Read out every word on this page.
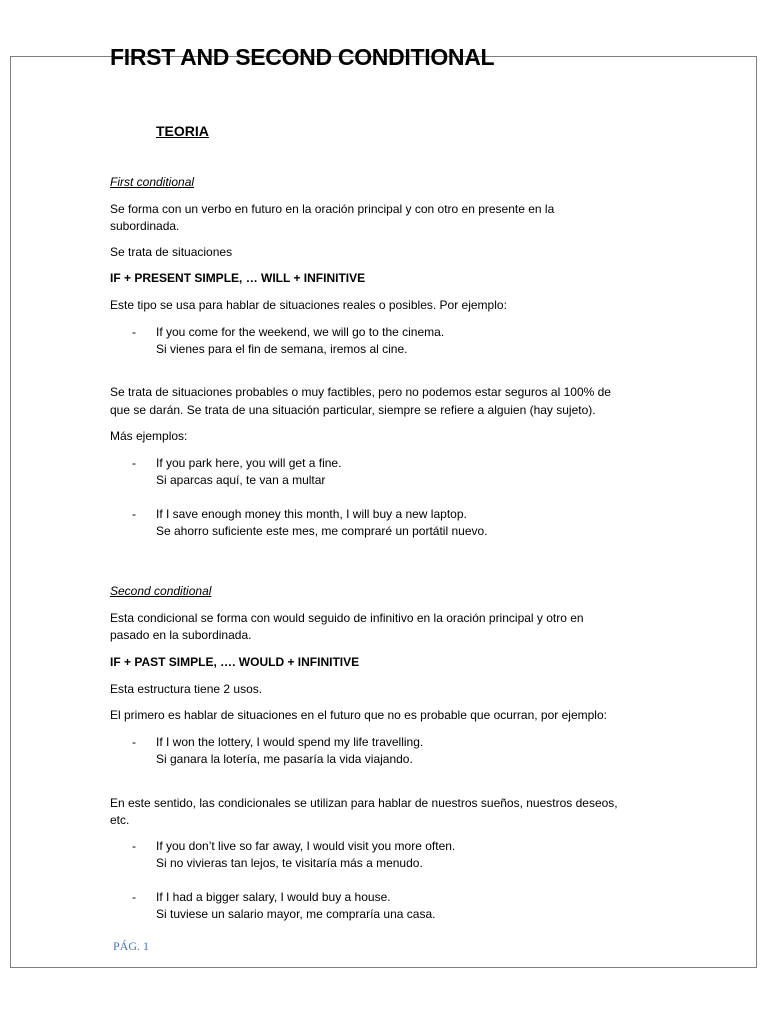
FIRST AND SECOND CONDITIONAL
TEORIA
First conditional
Se forma con un verbo en futuro en la oración principal y con otro en presente en la
subordinada.
Se trata de situaciones
IF + PRESENT SIMPLE, … WILL + INFINITIVE
Este tipo se usa para hablar de situaciones reales o posibles. Por ejemplo:
- If you come for the weekend, we will go to the cinema.
Si vienes para el fin de semana, iremos al cine.
Se trata de situaciones probables o muy factibles, pero no podemos estar seguros al 100% de
que se darán. Se trata de una situación particular, siempre se refiere a alguien (hay sujeto).
Más ejemplos:
- If you park here, you will get a fine.
Si aparcas aquí, te van a multar
- If I save enough money this month, I will buy a new laptop.
Se ahorro suficiente este mes, me compraré un portátil nuevo.
Second conditional
Esta condicional se forma con would seguido de infinitivo en la oración principal y otro en
pasado en la subordinada.
IF + PAST SIMPLE, …. WOULD + INFINITIVE
Esta estructura tiene 2 usos.
El primero es hablar de situaciones en el futuro que no es probable que ocurran, por ejemplo:
- If I won the lottery, I would spend my life travelling.
Si ganara la lotería, me pasaría la vida viajando.
En este sentido, las condicionales se utilizan para hablar de nuestros sueños, nuestros deseos,
etc.
- If you don’t live so far away, I would visit you more often.
Si no vivieras tan lejos, te visitaría más a menudo.
- If I had a bigger salary, I would buy a house.
Si tuviese un salario mayor, me compraría una casa.
PÁG. 1
